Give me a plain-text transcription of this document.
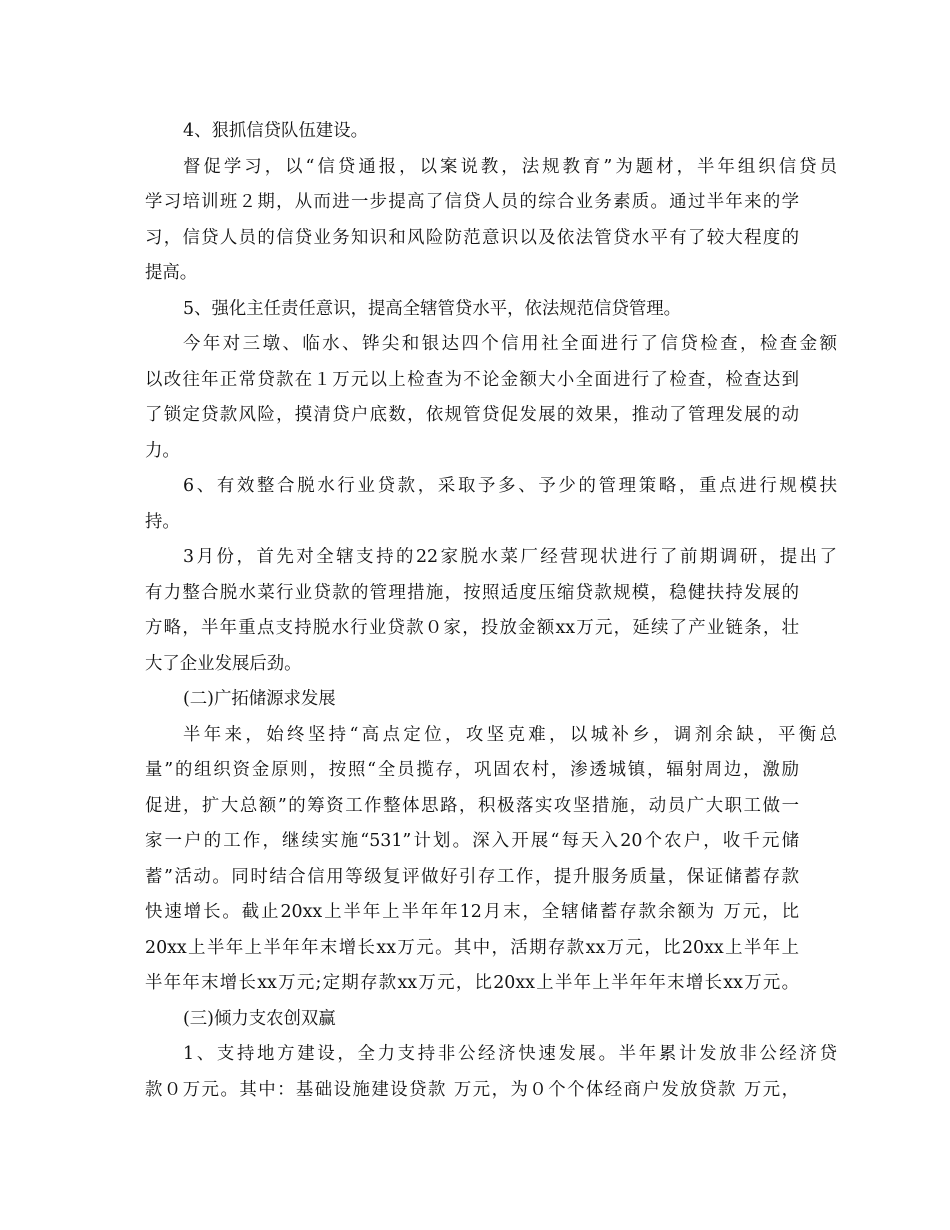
4、狠抓信贷队伍建设。
督促学习，以“信贷通报，以案说教，法规教育”为题材，半年组织信贷员
学习培训班２期，从而进一步提高了信贷人员的综合业务素质。通过半年来的学
习，信贷人员的信贷业务知识和风险防范意识以及依法管贷水平有了较大程度的
提高。
5、强化主任责任意识，提高全辖管贷水平，依法规范信贷管理。
今年对三墩、临水、铧尖和银达四个信用社全面进行了信贷检查，检查金额
以改往年正常贷款在１万元以上检查为不论金额大小全面进行了检查，检查达到
了锁定贷款风险，摸清贷户底数，依规管贷促发展的效果，推动了管理发展的动
力。
6、有效整合脱水行业贷款，采取予多、予少的管理策略，重点进行规模扶
持。
3月份，首先对全辖支持的22家脱水菜厂经营现状进行了前期调研，提出了
有力整合脱水菜行业贷款的管理措施，按照适度压缩贷款规模，稳健扶持发展的
方略，半年重点支持脱水行业贷款０家，投放金额xx万元，延续了产业链条，壮
大了企业发展后劲。
(二)广拓储源求发展
半年来，始终坚持“高点定位，攻坚克难，以城补乡，调剂余缺，平衡总
量”的组织资金原则，按照“全员揽存，巩固农村，渗透城镇，辐射周边，激励
促进，扩大总额”的筹资工作整体思路，积极落实攻坚措施，动员广大职工做一
家一户的工作，继续实施“531”计划。深入开展“每天入20个农户，收千元储
蓄”活动。同时结合信用等级复评做好引存工作，提升服务质量，保证储蓄存款
快速增长。截止20xx上半年上半年年12月末，全辖储蓄存款余额为 万元，比
20xx上半年上半年年末增长xx万元。其中，活期存款xx万元，比20xx上半年上
半年年末增长xx万元;定期存款xx万元，比20xx上半年上半年年末增长xx万元。
(三)倾力支农创双赢
1、支持地方建设，全力支持非公经济快速发展。半年累计发放非公经济贷
款０万元。其中：基础设施建设贷款 万元，为０个个体经商户发放贷款 万元，
